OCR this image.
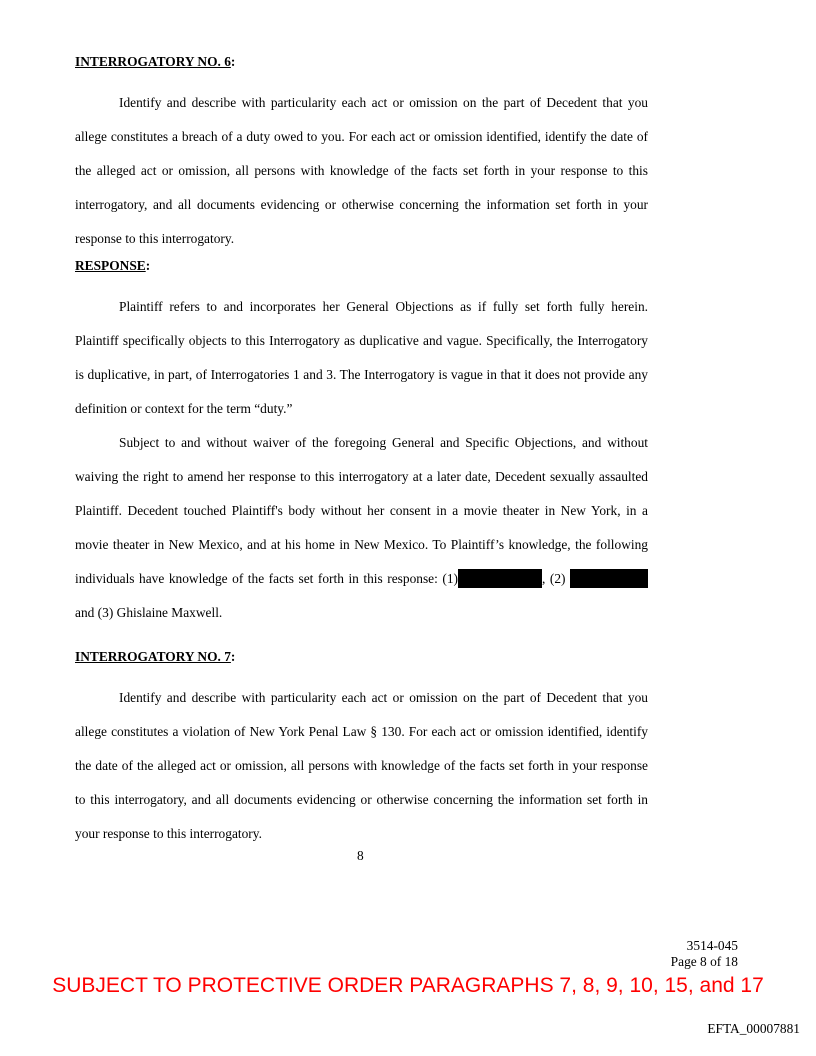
INTERROGATORY NO. 6:

Identify and describe with particularity each act or omission on the part of Decedent that you allege constitutes a breach of a duty owed to you. For each act or omission identified, identify the date of the alleged act or omission, all persons with knowledge of the facts set forth in your response to this interrogatory, and all documents evidencing or otherwise concerning the information set forth in your response to this interrogatory.

RESPONSE:

Plaintiff refers to and incorporates her General Objections as if fully set forth fully herein. Plaintiff specifically objects to this Interrogatory as duplicative and vague. Specifically, the Interrogatory is duplicative, in part, of Interrogatories 1 and 3. The Interrogatory is vague in that it does not provide any definition or context for the term “duty.”

Subject to and without waiver of the foregoing General and Specific Objections, and without waiving the right to amend her response to this interrogatory at a later date, Decedent sexually assaulted Plaintiff. Decedent touched Plaintiff's body without her consent in a movie theater in New York, in a movie theater in New Mexico, and at his home in New Mexico. To Plaintiff’s knowledge, the following individuals have knowledge of the facts set forth in this response: (1)	, (2)  and (3) Ghislaine Maxwell.

INTERROGATORY NO. 7:

Identify and describe with particularity each act or omission on the part of Decedent that you allege constitutes a violation of New York Penal Law § 130. For each act or omission identified, identify the date of the alleged act or omission, all persons with knowledge of the facts set forth in your response to this interrogatory, and all documents evidencing or otherwise concerning the information set forth in your response to this interrogatory.

8
3514-045
Page 8 of 18
SUBJECT TO PROTECTIVE ORDER PARAGRAPHS 7, 8, 9, 10, 15, and 17
EFTA_00007881
